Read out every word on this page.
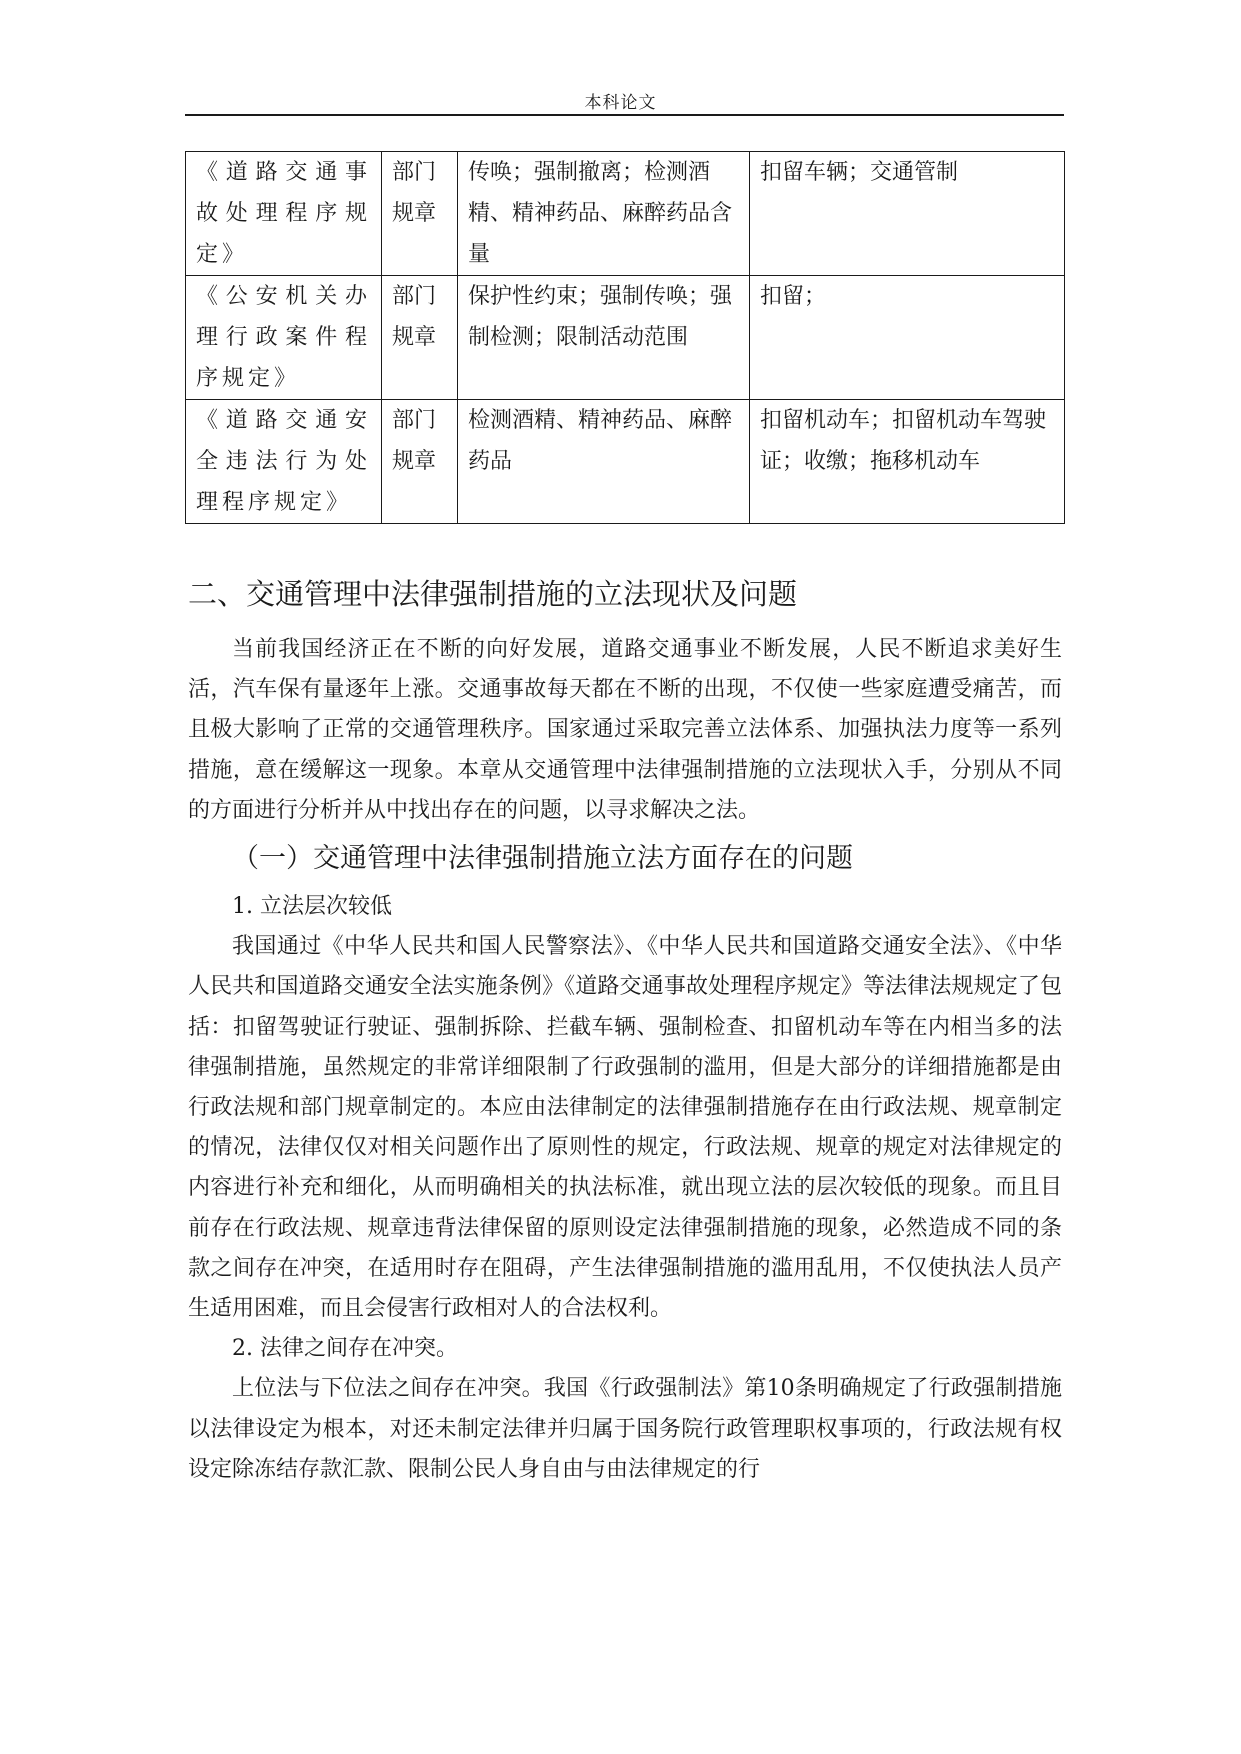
本科论文
《道路交通事故处理程序规定》	部门规章	传唤；强制撤离；检测酒精、精神药品、麻醉药品含量	扣留车辆；交通管制
《公安机关办理行政案件程序规定》	部门规章	保护性约束；强制传唤；强制检测；限制活动范围	扣留；
《道路交通安全违法行为处理程序规定》	部门规章	检测酒精、精神药品、麻醉药品	扣留机动车；扣留机动车驾驶证；收缴；拖移机动车
二、交通管理中法律强制措施的立法现状及问题

当前我国经济正在不断的向好发展，道路交通事业不断发展，人民不断追求美好生活，汽车保有量逐年上涨。交通事故每天都在不断的出现，不仅使一些家庭遭受痛苦，而且极大影响了正常的交通管理秩序。国家通过采取完善立法体系、加强执法力度等一系列措施，意在缓解这一现象。本章从交通管理中法律强制措施的立法现状入手，分别从不同的方面进行分析并从中找出存在的问题，以寻求解决之法。

（一）交通管理中法律强制措施立法方面存在的问题

1. 立法层次较低

我国通过《中华人民共和国人民警察法》、《中华人民共和国道路交通安全法》、《中华人民共和国道路交通安全法实施条例》《道路交通事故处理程序规定》等法律法规规定了包括：扣留驾驶证行驶证、强制拆除、拦截车辆、强制检查、扣留机动车等在内相当多的法律强制措施，虽然规定的非常详细限制了行政强制的滥用，但是大部分的详细措施都是由行政法规和部门规章制定的。本应由法律制定的法律强制措施存在由行政法规、规章制定的情况，法律仅仅对相关问题作出了原则性的规定，行政法规、规章的规定对法律规定的内容进行补充和细化，从而明确相关的执法标准，就出现立法的层次较低的现象。而且目前存在行政法规、规章违背法律保留的原则设定法律强制措施的现象，必然造成不同的条款之间存在冲突，在适用时存在阻碍，产生法律强制措施的滥用乱用，不仅使执法人员产生适用困难，而且会侵害行政相对人的合法权利。

2. 法律之间存在冲突。

上位法与下位法之间存在冲突。我国《行政强制法》第10条明确规定了行政强制措施以法律设定为根本，对还未制定法律并归属于国务院行政管理职权事项的，行政法规有权设定除冻结存款汇款、限制公民人身自由与由法律规定的行
